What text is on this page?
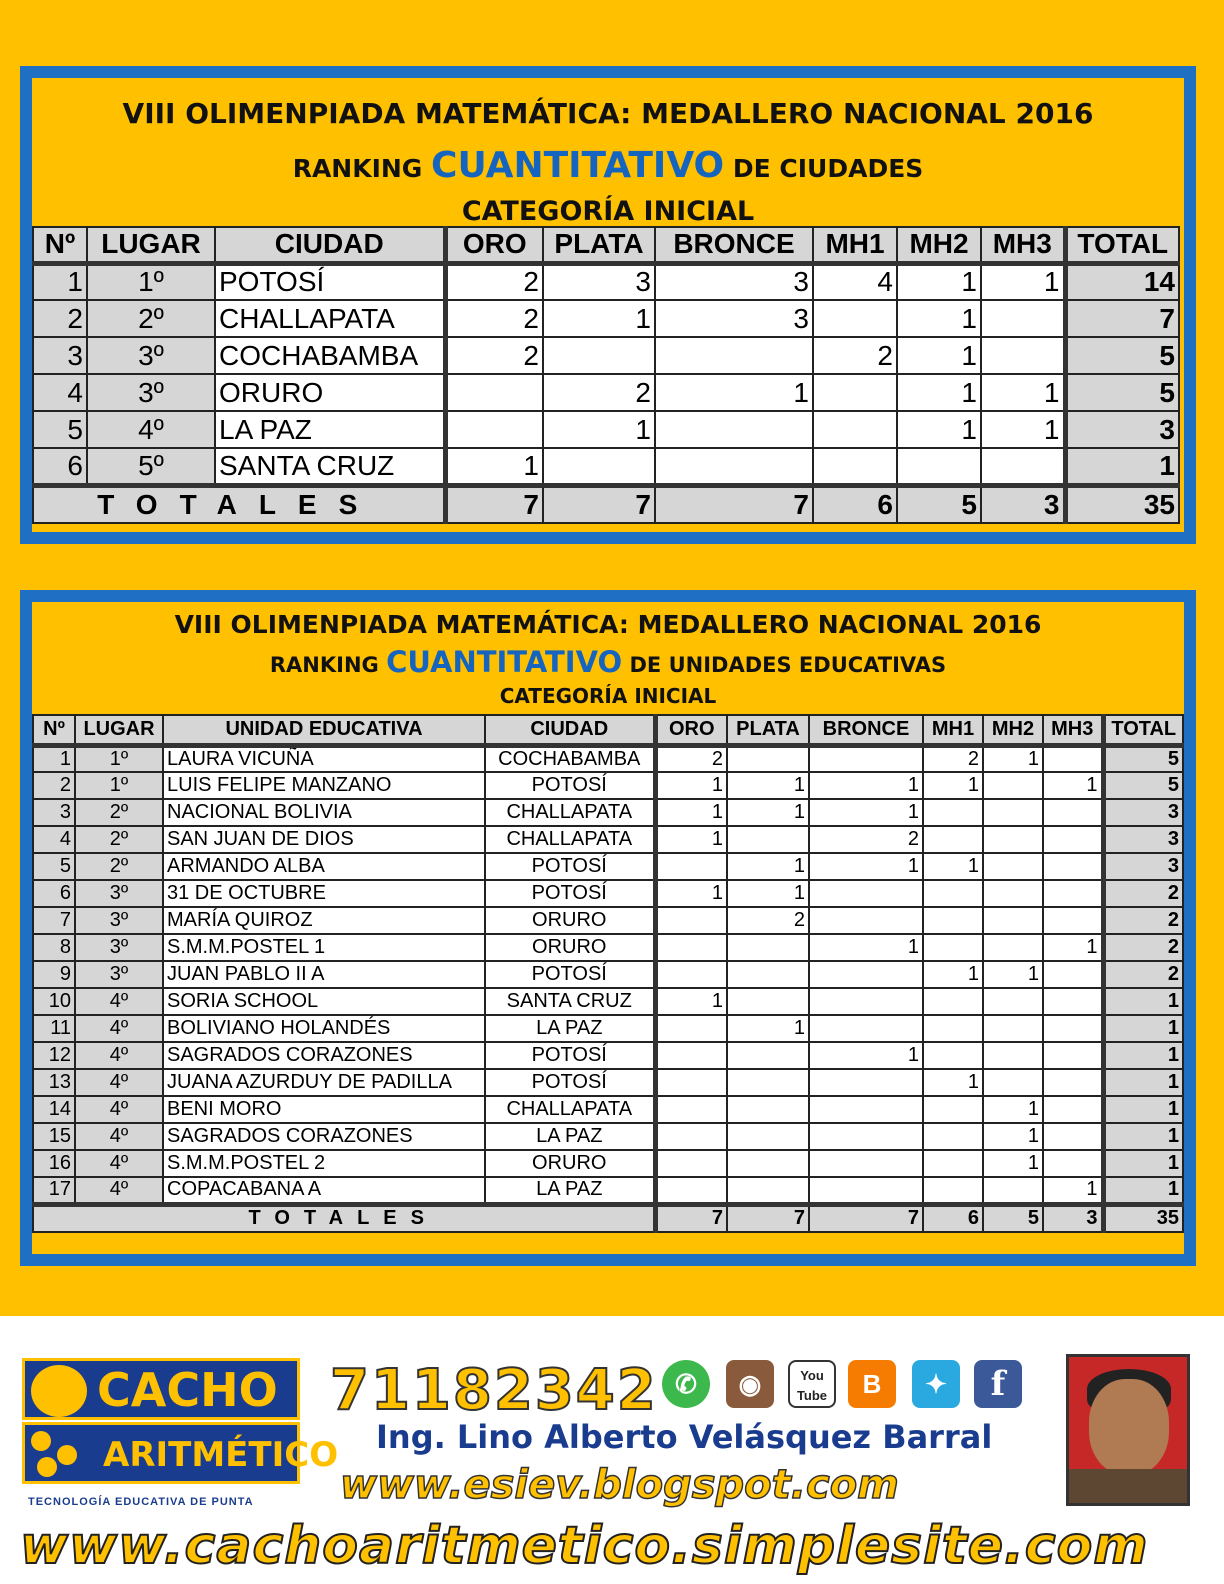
VIII OLIMENPIADA MATEMÁTICA: MEDALLERO NACIONAL 2016
RANKING CUANTITATIVO DE CIUDADES
CATEGORÍA INICIAL
Nº	LUGAR	CIUDAD	ORO	PLATA	BRONCE	MH1	MH2	MH3	TOTAL
1	1º	POTOSÍ	2	3	3	4	1	1	14
2	2º	CHALLAPATA	2	1	3		1		7
3	3º	COCHABAMBA	2			2	1		5
4	3º	ORURO		2	1		1	1	5
5	4º	LA PAZ		1			1	1	3
6	5º	SANTA CRUZ	1						1
TOTALES			7	7	7	6	5	3	35
VIII OLIMENPIADA MATEMÁTICA: MEDALLERO NACIONAL 2016
RANKING CUANTITATIVO DE UNIDADES EDUCATIVAS
CATEGORÍA INICIAL
Nº	LUGAR	UNIDAD EDUCATIVA	CIUDAD	ORO	PLATA	BRONCE	MH1	MH2	MH3	TOTAL
1	1º	LAURA VICUÑA	COCHABAMBA	2			2	1		5
2	1º	LUIS FELIPE MANZANO	POTOSÍ	1	1	1	1		1	5
3	2º	NACIONAL BOLIVIA	CHALLAPATA	1	1	1				3
4	2º	SAN JUAN DE DIOS	CHALLAPATA	1		2				3
5	2º	ARMANDO ALBA	POTOSÍ		1	1	1			3
6	3º	31 DE OCTUBRE	POTOSÍ	1	1					2
7	3º	MARÍA QUIROZ	ORURO		2					2
8	3º	S.M.M.POSTEL 1	ORURO			1			1	2
9	3º	JUAN PABLO II A	POTOSÍ				1	1		2
10	4º	SORIA SCHOOL	SANTA CRUZ	1						1
11	4º	BOLIVIANO HOLANDÉS	LA PAZ		1					1
12	4º	SAGRADOS CORAZONES	POTOSÍ			1				1
13	4º	JUANA AZURDUY DE PADILLA	POTOSÍ				1			1
14	4º	BENI MORO	CHALLAPATA					1		1
15	4º	SAGRADOS CORAZONES	LA PAZ					1		1
16	4º	S.M.M.POSTEL 2	ORURO					1		1
17	4º	COPACABANA A	LA PAZ						1	1
TOTALES				7	7	7	6	5	3	35
CACHO
ARITMÉTICO
TECNOLOGÍA EDUCATIVA DE PUNTA
71182342 ✆	◉	You Tube	B	✦	f
Ing. Lino Alberto Velásquez Barral
www.esiev.blogspot.com
www.cachoaritmetico.simplesite.com
